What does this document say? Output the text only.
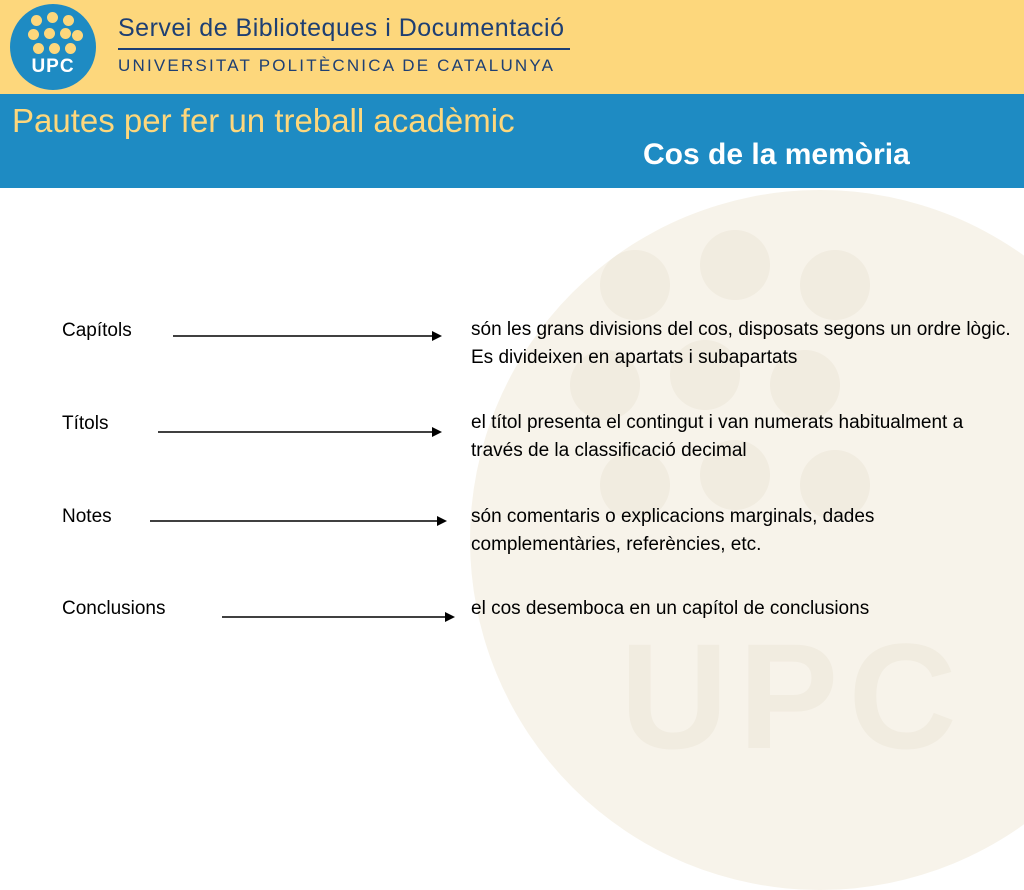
UPC
UPC
Servei de Biblioteques i Documentació
UNIVERSITAT POLITÈCNICA DE CATALUNYA
Pautes per fer un treball acadèmic
Cos de la memòria
Capítols	són les grans divisions del cos, disposats segons un ordre lògic. Es divideixen en apartats i subapartats
Títols	el títol presenta el contingut i van numerats habitualment a través de la classificació decimal
Notes	són comentaris o explicacions marginals, dades complementàries, referències, etc.
Conclusions	el cos desemboca en un capítol de conclusions
